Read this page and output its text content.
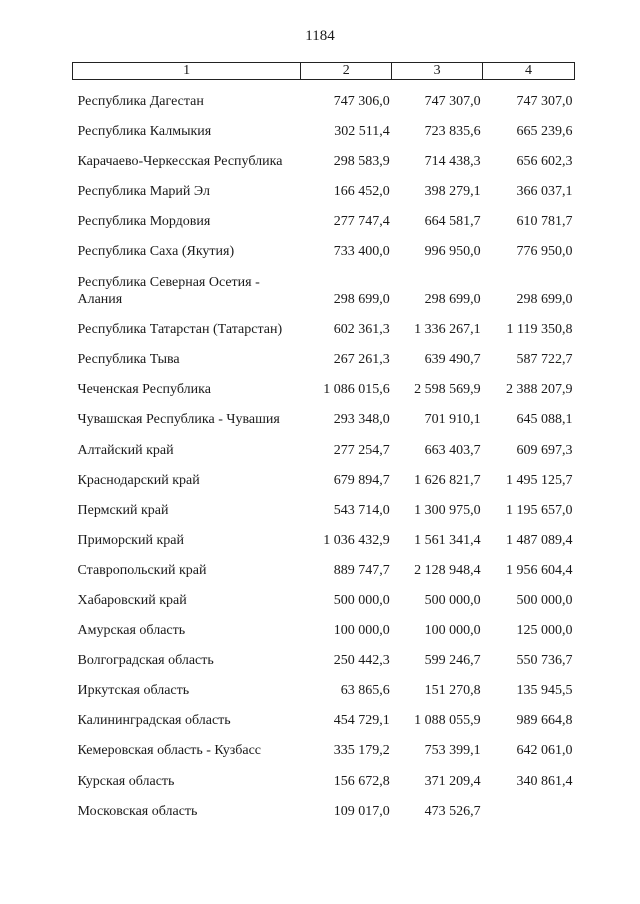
1184
1	2	3	4
Республика Дагестан	747 306,0	747 307,0	747 307,0
Республика Калмыкия	302 511,4	723 835,6	665 239,6
Карачаево-Черкесская Республика	298 583,9	714 438,3	656 602,3
Республика Марий Эл	166 452,0	398 279,1	366 037,1
Республика Мордовия	277 747,4	664 581,7	610 781,7
Республика Саха (Якутия)	733 400,0	996 950,0	776 950,0
Республика Северная Осетия - Алания	298 699,0	298 699,0	298 699,0
Республика Татарстан (Татарстан)	602 361,3	1 336 267,1	1 119 350,8
Республика Тыва	267 261,3	639 490,7	587 722,7
Чеченская Республика	1 086 015,6	2 598 569,9	2 388 207,9
Чувашская Республика - Чувашия	293 348,0	701 910,1	645 088,1
Алтайский край	277 254,7	663 403,7	609 697,3
Краснодарский край	679 894,7	1 626 821,7	1 495 125,7
Пермский край	543 714,0	1 300 975,0	1 195 657,0
Приморский край	1 036 432,9	1 561 341,4	1 487 089,4
Ставропольский край	889 747,7	2 128 948,4	1 956 604,4
Хабаровский край	500 000,0	500 000,0	500 000,0
Амурская область	100 000,0	100 000,0	125 000,0
Волгоградская область	250 442,3	599 246,7	550 736,7
Иркутская область	63 865,6	151 270,8	135 945,5
Калининградская область	454 729,1	1 088 055,9	989 664,8
Кемеровская область - Кузбасс	335 179,2	753 399,1	642 061,0
Курская область	156 672,8	371 209,4	340 861,4
Московская область	109 017,0	473 526,7	
